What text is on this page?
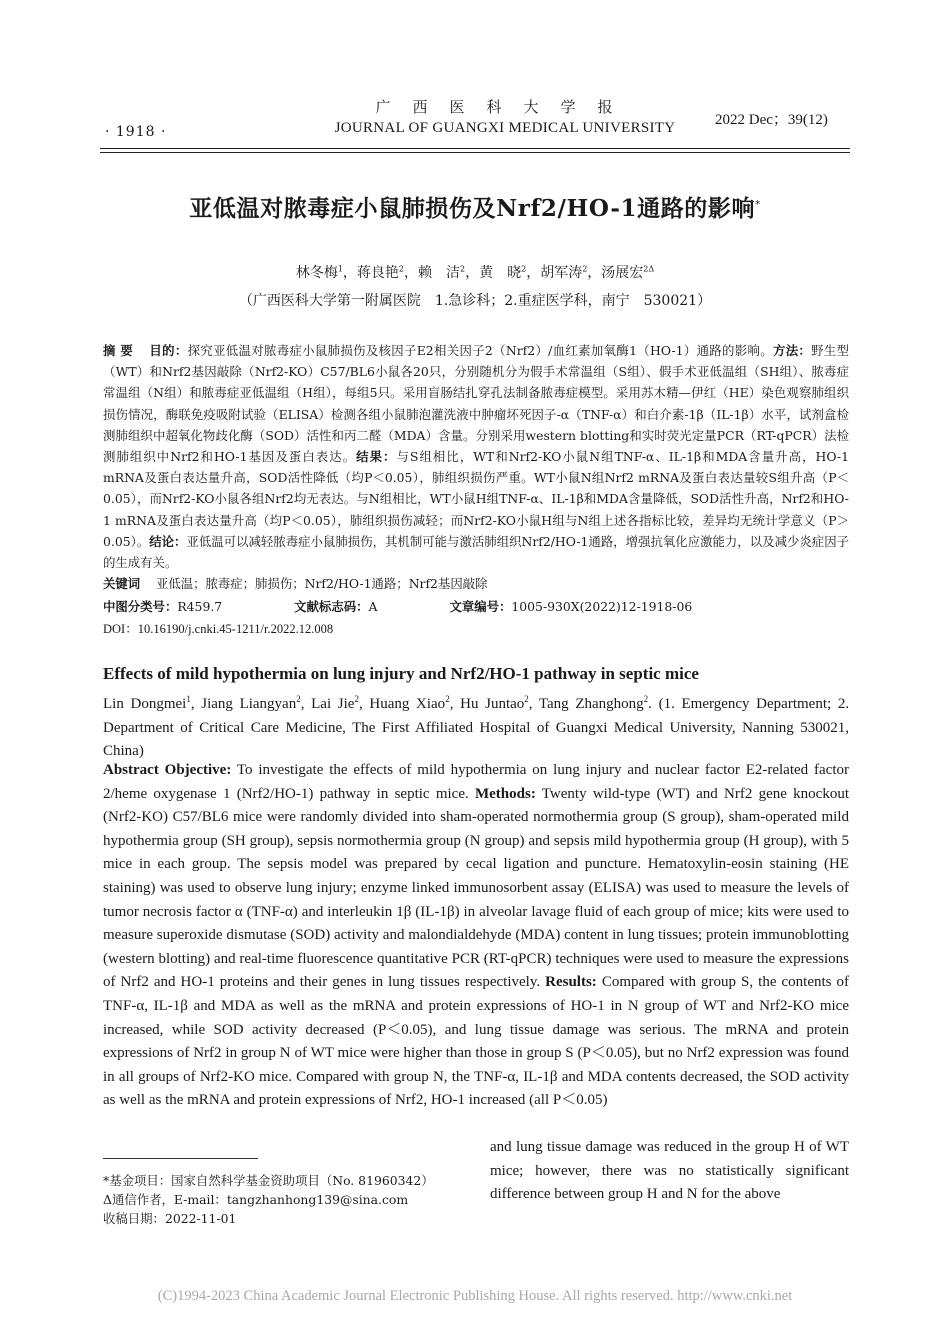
· 1918 ·
广西医科大学报
JOURNAL OF GUANGXI MEDICAL UNIVERSITY	2022 Dec；39(12)
亚低温对脓毒症小鼠肺损伤及Nrf2/HO-1通路的影响*
林冬梅$^1$，蒋良艳$^2$，赖　洁$^2$，黄　晓$^2$，胡军涛$^2$，汤展宏$^{2\Delta}$
（广西医科大学第一附属医院　1.急诊科；2.重症医学科，南宁　530021）
摘 要 目的：探究亚低温对脓毒症小鼠肺损伤及核因子E2相关因子2（Nrf2）/血红素加氧酶1（HO-1）通路的影响。方法：野生型（WT）和Nrf2基因敲除（Nrf2-KO）C57/BL6小鼠各20只，分别随机分为假手术常温组（S组）、假手术亚低温组（SH组）、脓毒症常温组（N组）和脓毒症亚低温组（H组），每组5只。采用盲肠结扎穿孔法制备脓毒症模型。采用苏木精—伊红（HE）染色观察肺组织损伤情况，酶联免疫吸附试验（ELISA）检测各组小鼠肺泡灌洗液中肿瘤坏死因子-α（TNF-α）和白介素-1β（IL-1β）水平，试剂盒检测肺组织中超氧化物歧化酶（SOD）活性和丙二醛（MDA）含量。分别采用western blotting和实时荧光定量PCR（RT-qPCR）法检测肺组织中Nrf2和HO-1基因及蛋白表达。结果：与S组相比，WT和Nrf2-KO小鼠N组TNF-α、IL-1β和MDA含量升高，HO-1 mRNA及蛋白表达量升高，SOD活性降低（均P＜0.05），肺组织损伤严重。WT小鼠N组Nrf2 mRNA及蛋白表达量较S组升高（P＜0.05），而Nrf2-KO小鼠各组Nrf2均无表达。与N组相比，WT小鼠H组TNF-α、IL-1β和MDA含量降低，SOD活性升高，Nrf2和HO-1 mRNA及蛋白表达量升高（均P＜0.05），肺组织损伤减轻；而Nrf2-KO小鼠H组与N组上述各指标比较，差异均无统计学意义（P＞0.05）。结论：亚低温可以减轻脓毒症小鼠肺损伤，其机制可能与激活肺组织Nrf2/HO-1通路，增强抗氧化应激能力，以及减少炎症因子的生成有关。
关键词 亚低温；脓毒症；肺损伤；Nrf2/HO-1通路；Nrf2基因敲除
中图分类号：R459.7	文献标志码：A	文章编号：1005-930X(2022)12-1918-06
DOI：10.16190/j.cnki.45-1211/r.2022.12.008
Effects of mild hypothermia on lung injury and Nrf2/HO-1 pathway in septic mice
Lin Dongmei$^1$, Jiang Liangyan$^2$, Lai Jie$^2$, Huang Xiao$^2$, Hu Juntao$^2$, Tang Zhanghong$^2$. (1. Emergency Department; 2. Department of Critical Care Medicine, The First Affiliated Hospital of Guangxi Medical University, Nanning 530021, China)
Abstract Objective: To investigate the effects of mild hypothermia on lung injury and nuclear factor E2-related factor 2/heme oxygenase 1 (Nrf2/HO-1) pathway in septic mice. Methods: Twenty wild-type (WT) and Nrf2 gene knockout (Nrf2-KO) C57/BL6 mice were randomly divided into sham-operated normothermia group (S group), sham-operated mild hypothermia group (SH group), sepsis normothermia group (N group) and sepsis mild hypothermia group (H group), with 5 mice in each group. The sepsis model was prepared by cecal ligation and puncture. Hematoxylin-eosin staining (HE staining) was used to observe lung injury; enzyme linked immunosorbent assay (ELISA) was used to measure the levels of tumor necrosis factor α (TNF-α) and interleukin 1β (IL-1β) in alveolar lavage fluid of each group of mice; kits were used to measure superoxide dismutase (SOD) activity and malondialdehyde (MDA) content in lung tissues; protein immunoblotting (western blotting) and real-time fluorescence quantitative PCR (RT-qPCR) techniques were used to measure the expressions of Nrf2 and HO-1 proteins and their genes in lung tissues respectively. Results: Compared with group S, the contents of TNF-α, IL-1β and MDA as well as the mRNA and protein expressions of HO-1 in N group of WT and Nrf2-KO mice increased, while SOD activity decreased (P＜0.05), and lung tissue damage was serious. The mRNA and protein expressions of Nrf2 in group N of WT mice were higher than those in group S (P＜0.05), but no Nrf2 expression was found in all groups of Nrf2-KO mice. Compared with group N, the TNF-α, IL-1β and MDA contents decreased, the SOD activity as well as the mRNA and protein expressions of Nrf2, HO-1 increased (all P＜0.05)
and lung tissue damage was reduced in the group H of WT mice; however, there was no statistically significant difference between group H and N for the above
*基金项目：国家自然科学基金资助项目（No. 81960342）
Δ通信作者，E-mail：tangzhanhong139@sina.com
收稿日期：2022-11-01
(C)1994-2023 China Academic Journal Electronic Publishing House. All rights reserved. http://www.cnki.net
